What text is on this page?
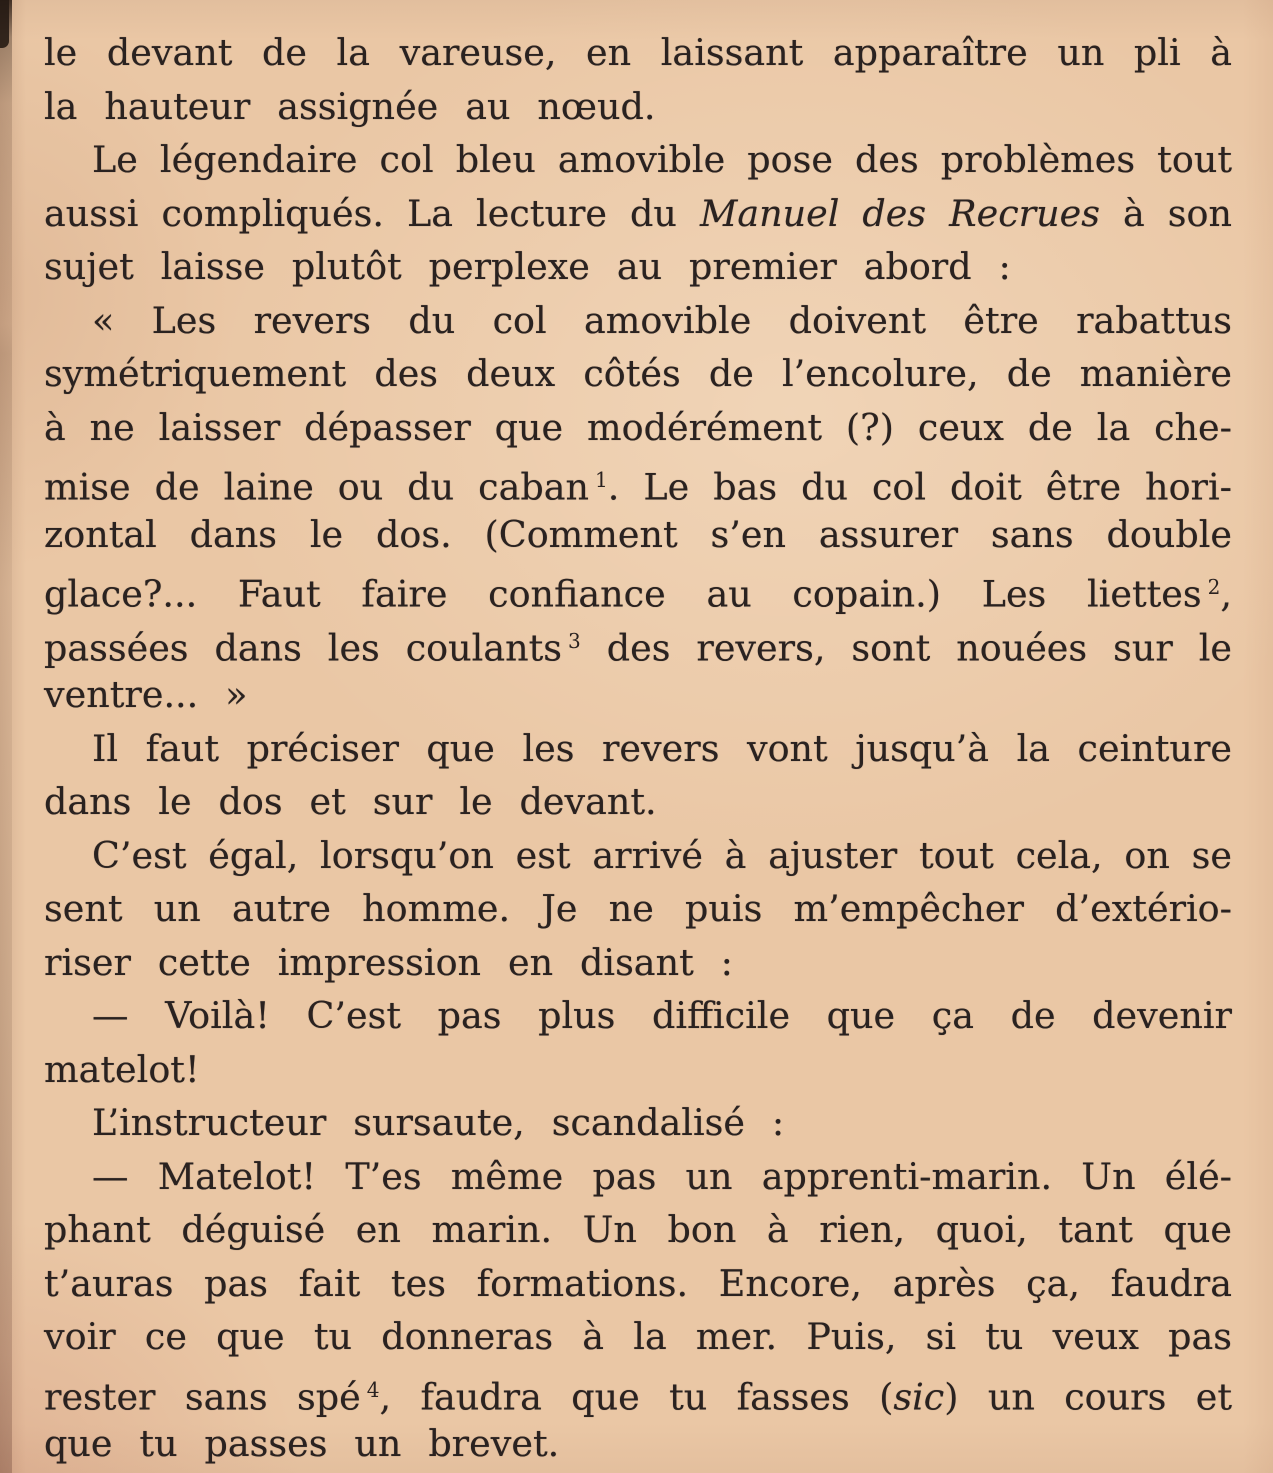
le devant de la vareuse, en laissant apparaître un pli à
la hauteur assignée au nœud.
Le légendaire col bleu amovible pose des problèmes tout
aussi compliqués. La lecture du Manuel des Recrues à son
sujet laisse plutôt perplexe au premier abord :
« Les revers du col amovible doivent être rabattus
symétriquement des deux côtés de l’encolure, de manière
à ne laisser dépasser que modérément (?) ceux de la che-
mise de laine ou du caban $^1$. Le bas du col doit être hori-
zontal dans le dos. (Comment s’en assurer sans double
glace?... Faut faire confiance au copain.) Les liettes $^2$,
passées dans les coulants $^3$ des revers, sont nouées sur le
ventre... »
Il faut préciser que les revers vont jusqu’à la ceinture
dans le dos et sur le devant.
C’est égal, lorsqu’on est arrivé à ajuster tout cela, on se
sent un autre homme. Je ne puis m’empêcher d’extério-
riser cette impression en disant :
— Voilà! C’est pas plus difficile que ça de devenir
matelot!
L’instructeur sursaute, scandalisé :
— Matelot! T’es même pas un apprenti-marin. Un élé-
phant déguisé en marin. Un bon à rien, quoi, tant que
t’auras pas fait tes formations. Encore, après ça, faudra
voir ce que tu donneras à la mer. Puis, si tu veux pas
rester sans spé $^4$, faudra que tu fasses (sic) un cours et
que tu passes un brevet.
